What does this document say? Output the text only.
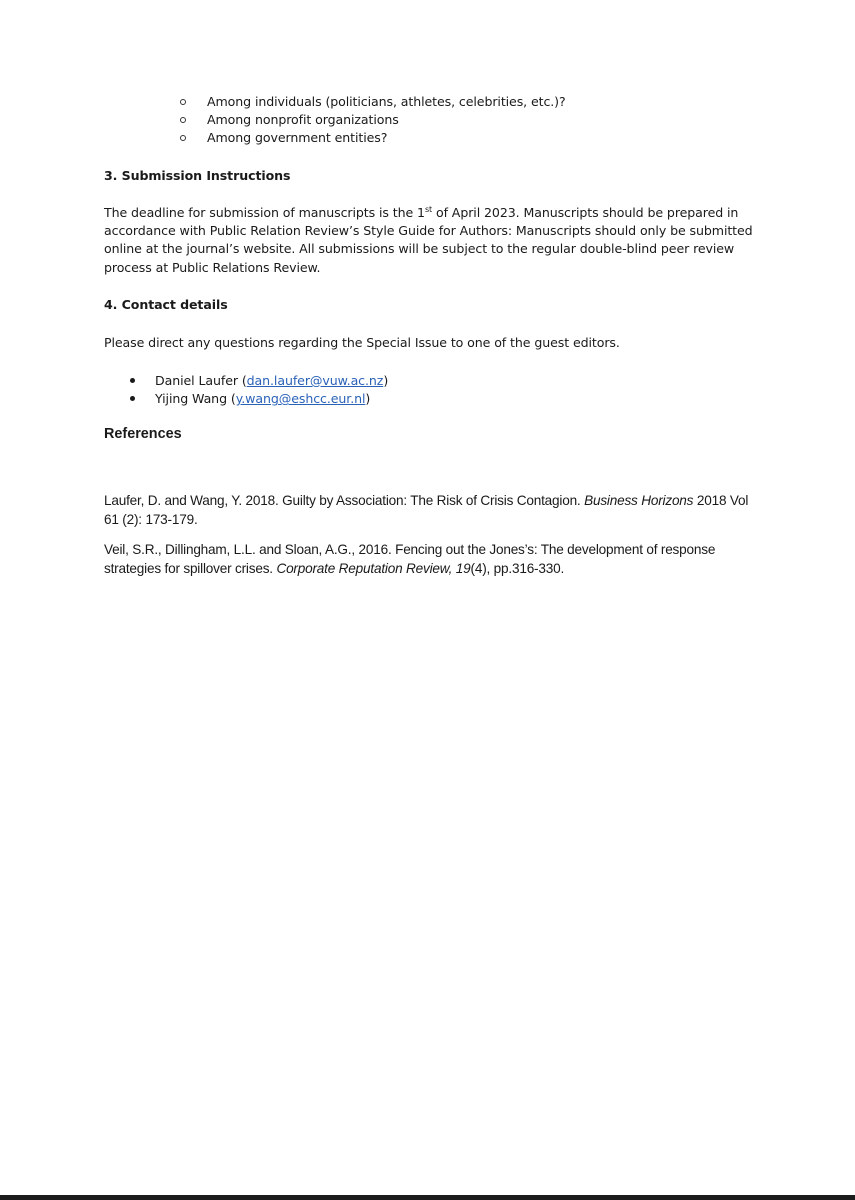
Among individuals (politicians, athletes, celebrities, etc.)?
Among nonprofit organizations
Among government entities?
3. Submission Instructions

The deadline for submission of manuscripts is the 1st of April 2023. Manuscripts should be prepared in accordance with Public Relation Review’s Style Guide for Authors: Manuscripts should only be submitted online at the journal’s website. All submissions will be subject to the regular double-blind peer review process at Public Relations Review.

4. Contact details

Please direct any questions regarding the Special Issue to one of the guest editors.

Daniel Laufer (dan.laufer@vuw.ac.nz)
Yijing Wang (y.wang@eshcc.eur.nl)
References

Laufer, D. and Wang, Y. 2018. Guilty by Association: The Risk of Crisis Contagion. Business Horizons 2018 Vol 61 (2): 173-179.

Veil, S.R., Dillingham, L.L. and Sloan, A.G., 2016. Fencing out the Jones’s: The development of response strategies for spillover crises. Corporate Reputation Review, 19(4), pp.316-330.
